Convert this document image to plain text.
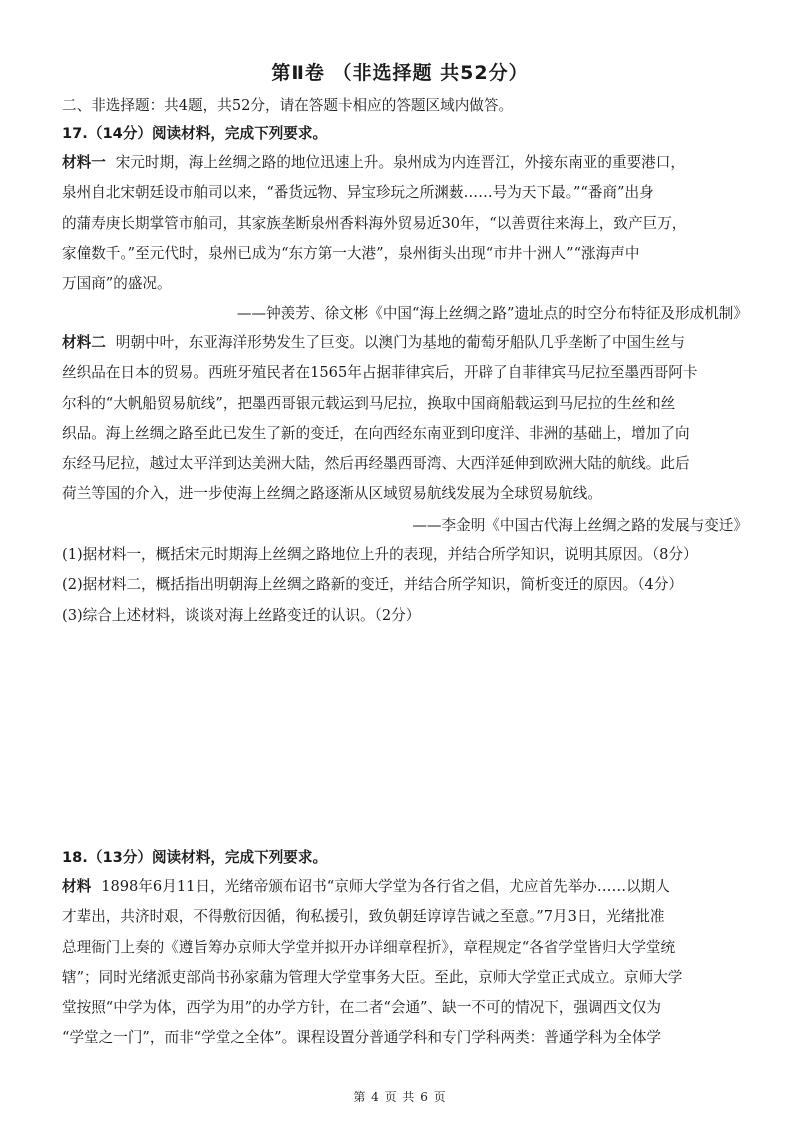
第Ⅱ卷 （非选择题 共52分）
二、非选择题：共4题，共52分，请在答题卡相应的答题区域内做答。
17.（14分）阅读材料，完成下列要求。

材料一 宋元时期，海上丝绸之路的地位迅速上升。泉州成为内连晋江，外接东南亚的重要港口，

泉州自北宋朝廷设市舶司以来，“番货远物、异宝珍玩之所渊薮……号为天下最。”“番商”出身

的蒲寿庚长期掌管市舶司，其家族垄断泉州香料海外贸易近30年，“以善贾往来海上，致产巨万，

家僮数千。”至元代时，泉州已成为“东方第一大港”，泉州街头出现“市井十洲人”“涨海声中

万国商”的盛况。

——钟羡芳、徐文彬《中国“海上丝绸之路”遗址点的时空分布特征及形成机制》

材料二 明朝中叶，东亚海洋形势发生了巨变。以澳门为基地的葡萄牙船队几乎垄断了中国生丝与

丝织品在日本的贸易。西班牙殖民者在1565年占据菲律宾后，开辟了自菲律宾马尼拉至墨西哥阿卡

尔科的“大帆船贸易航线”，把墨西哥银元载运到马尼拉，换取中国商船载运到马尼拉的生丝和丝

织品。海上丝绸之路至此已发生了新的变迁，在向西经东南亚到印度洋、非洲的基础上，增加了向

东经马尼拉，越过太平洋到达美洲大陆，然后再经墨西哥湾、大西洋延伸到欧洲大陆的航线。此后

荷兰等国的介入，进一步使海上丝绸之路逐渐从区域贸易航线发展为全球贸易航线。

——李金明《中国古代海上丝绸之路的发展与变迁》
(1)据材料一，概括宋元时期海上丝绸之路地位上升的表现，并结合所学知识，说明其原因。（8分）
(2)据材料二，概括指出明朝海上丝绸之路新的变迁，并结合所学知识，简析变迁的原因。（4分）
(3)综合上述材料，谈谈对海上丝路变迁的认识。（2分）
18.（13分）阅读材料，完成下列要求。

材料 1898年6月11日，光绪帝颁布诏书“京师大学堂为各行省之倡，尤应首先举办……以期人

才辈出，共济时艰，不得敷衍因循，徇私援引，致负朝廷谆谆告诫之至意。”7月3日，光绪批准

总理衙门上奏的《遵旨筹办京师大学堂并拟开办详细章程折》，章程规定“各省学堂皆归大学堂统

辖”；同时光绪派吏部尚书孙家鼐为管理大学堂事务大臣。至此，京师大学堂正式成立。京师大学

堂按照“中学为体，西学为用”的办学方针，在二者“会通”、缺一不可的情况下，强调西文仅为

“学堂之一门”，而非“学堂之全体”。课程设置分普通学科和专门学科两类：普通学科为全体学

第 4 页 共 6 页
